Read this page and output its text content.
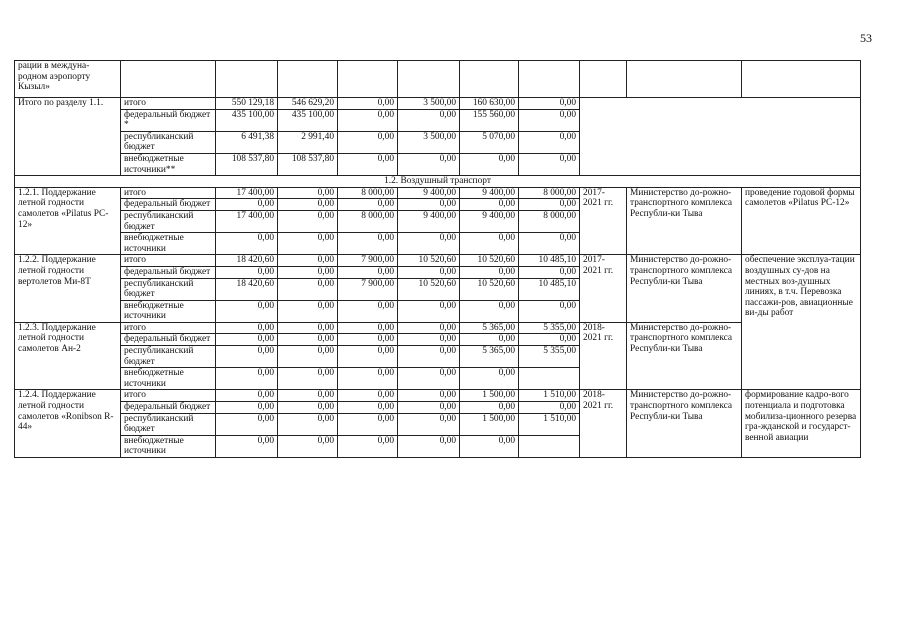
53
рации в междуна-родном аэропорту Кызыл»										
Итого по разделу 1.1.	итого	550 129,18	546 629,20	0,00	3 500,00	160 630,00	0,00			
	федеральный бюджет *	435 100,00	435 100,00	0,00	0,00	155 560,00	0,00			
	республиканский бюджет	6 491,38	2 991,40	0,00	3 500,00	5 070,00	0,00			
	внебюджетные источники**	108 537,80	108 537,80	0,00	0,00	0,00	0,00			
1.2. Воздушный транспорт										
1.2.1. Поддержание летной годности самолетов «Pilatus PC-12»	итого	17 400,00	0,00	8 000,00	9 400,00	9 400,00	8 000,00	2017-2021 гг.	Министерство до-рожно-транспортного комплекса Республи-ки Тыва	проведение годовой формы самолетов «Pilatus PC-12»
	федеральный бюджет	0,00	0,00	0,00	0,00	0,00	0,00			
	республиканский бюджет	17 400,00	0,00	8 000,00	9 400,00	9 400,00	8 000,00			
	внебюджетные источники	0,00	0,00	0,00	0,00	0,00	0,00			
1.2.2. Поддержание летной годности вертолетов Ми-8Т	итого	18 420,60	0,00	7 900,00	10 520,60	10 520,60	10 485,10	2017-2021 гг.	Министерство до-рожно-транспортного комплекса Республи-ки Тыва	обеспечение эксплуа-тации воздушных су-дов на местных воз-душных линиях, в т.ч. Перевозка пассажи-ров, авиационные ви-ды работ
	федеральный бюджет	0,00	0,00	0,00	0,00	0,00	0,00			
	республиканский бюджет	18 420,60	0,00	7 900,00	10 520,60	10 520,60	10 485,10			
	внебюджетные источники	0,00	0,00	0,00	0,00	0,00	0,00			
1.2.3. Поддержание летной годности самолетов Ан-2	итого	0,00	0,00	0,00	0,00	5 365,00	5 355,00	2018-2021 гг.	Министерство до-рожно-транспортного комплекса Республи-ки Тыва	
	федеральный бюджет	0,00	0,00	0,00	0,00	0,00	0,00			
	республиканский бюджет	0,00	0,00	0,00	0,00	5 365,00	5 355,00			
	внебюджетные источники	0,00	0,00	0,00	0,00	0,00				
1.2.4. Поддержание летной годности самолетов «Ronibson R-44»	итого	0,00	0,00	0,00	0,00	1 500,00	1 510,00	2018-2021 гг.	Министерство до-рожно-транспортного комплекса Республи-ки Тыва	формирование кадро-вого потенциала и подготовка мобилиза-ционного резерва гра-жданской и государст-венной авиации
	федеральный бюджет	0,00	0,00	0,00	0,00	0,00	0,00			
	республиканский бюджет	0,00	0,00	0,00	0,00	1 500,00	1 510,00			
	внебюджетные источники	0,00	0,00	0,00	0,00	0,00				
